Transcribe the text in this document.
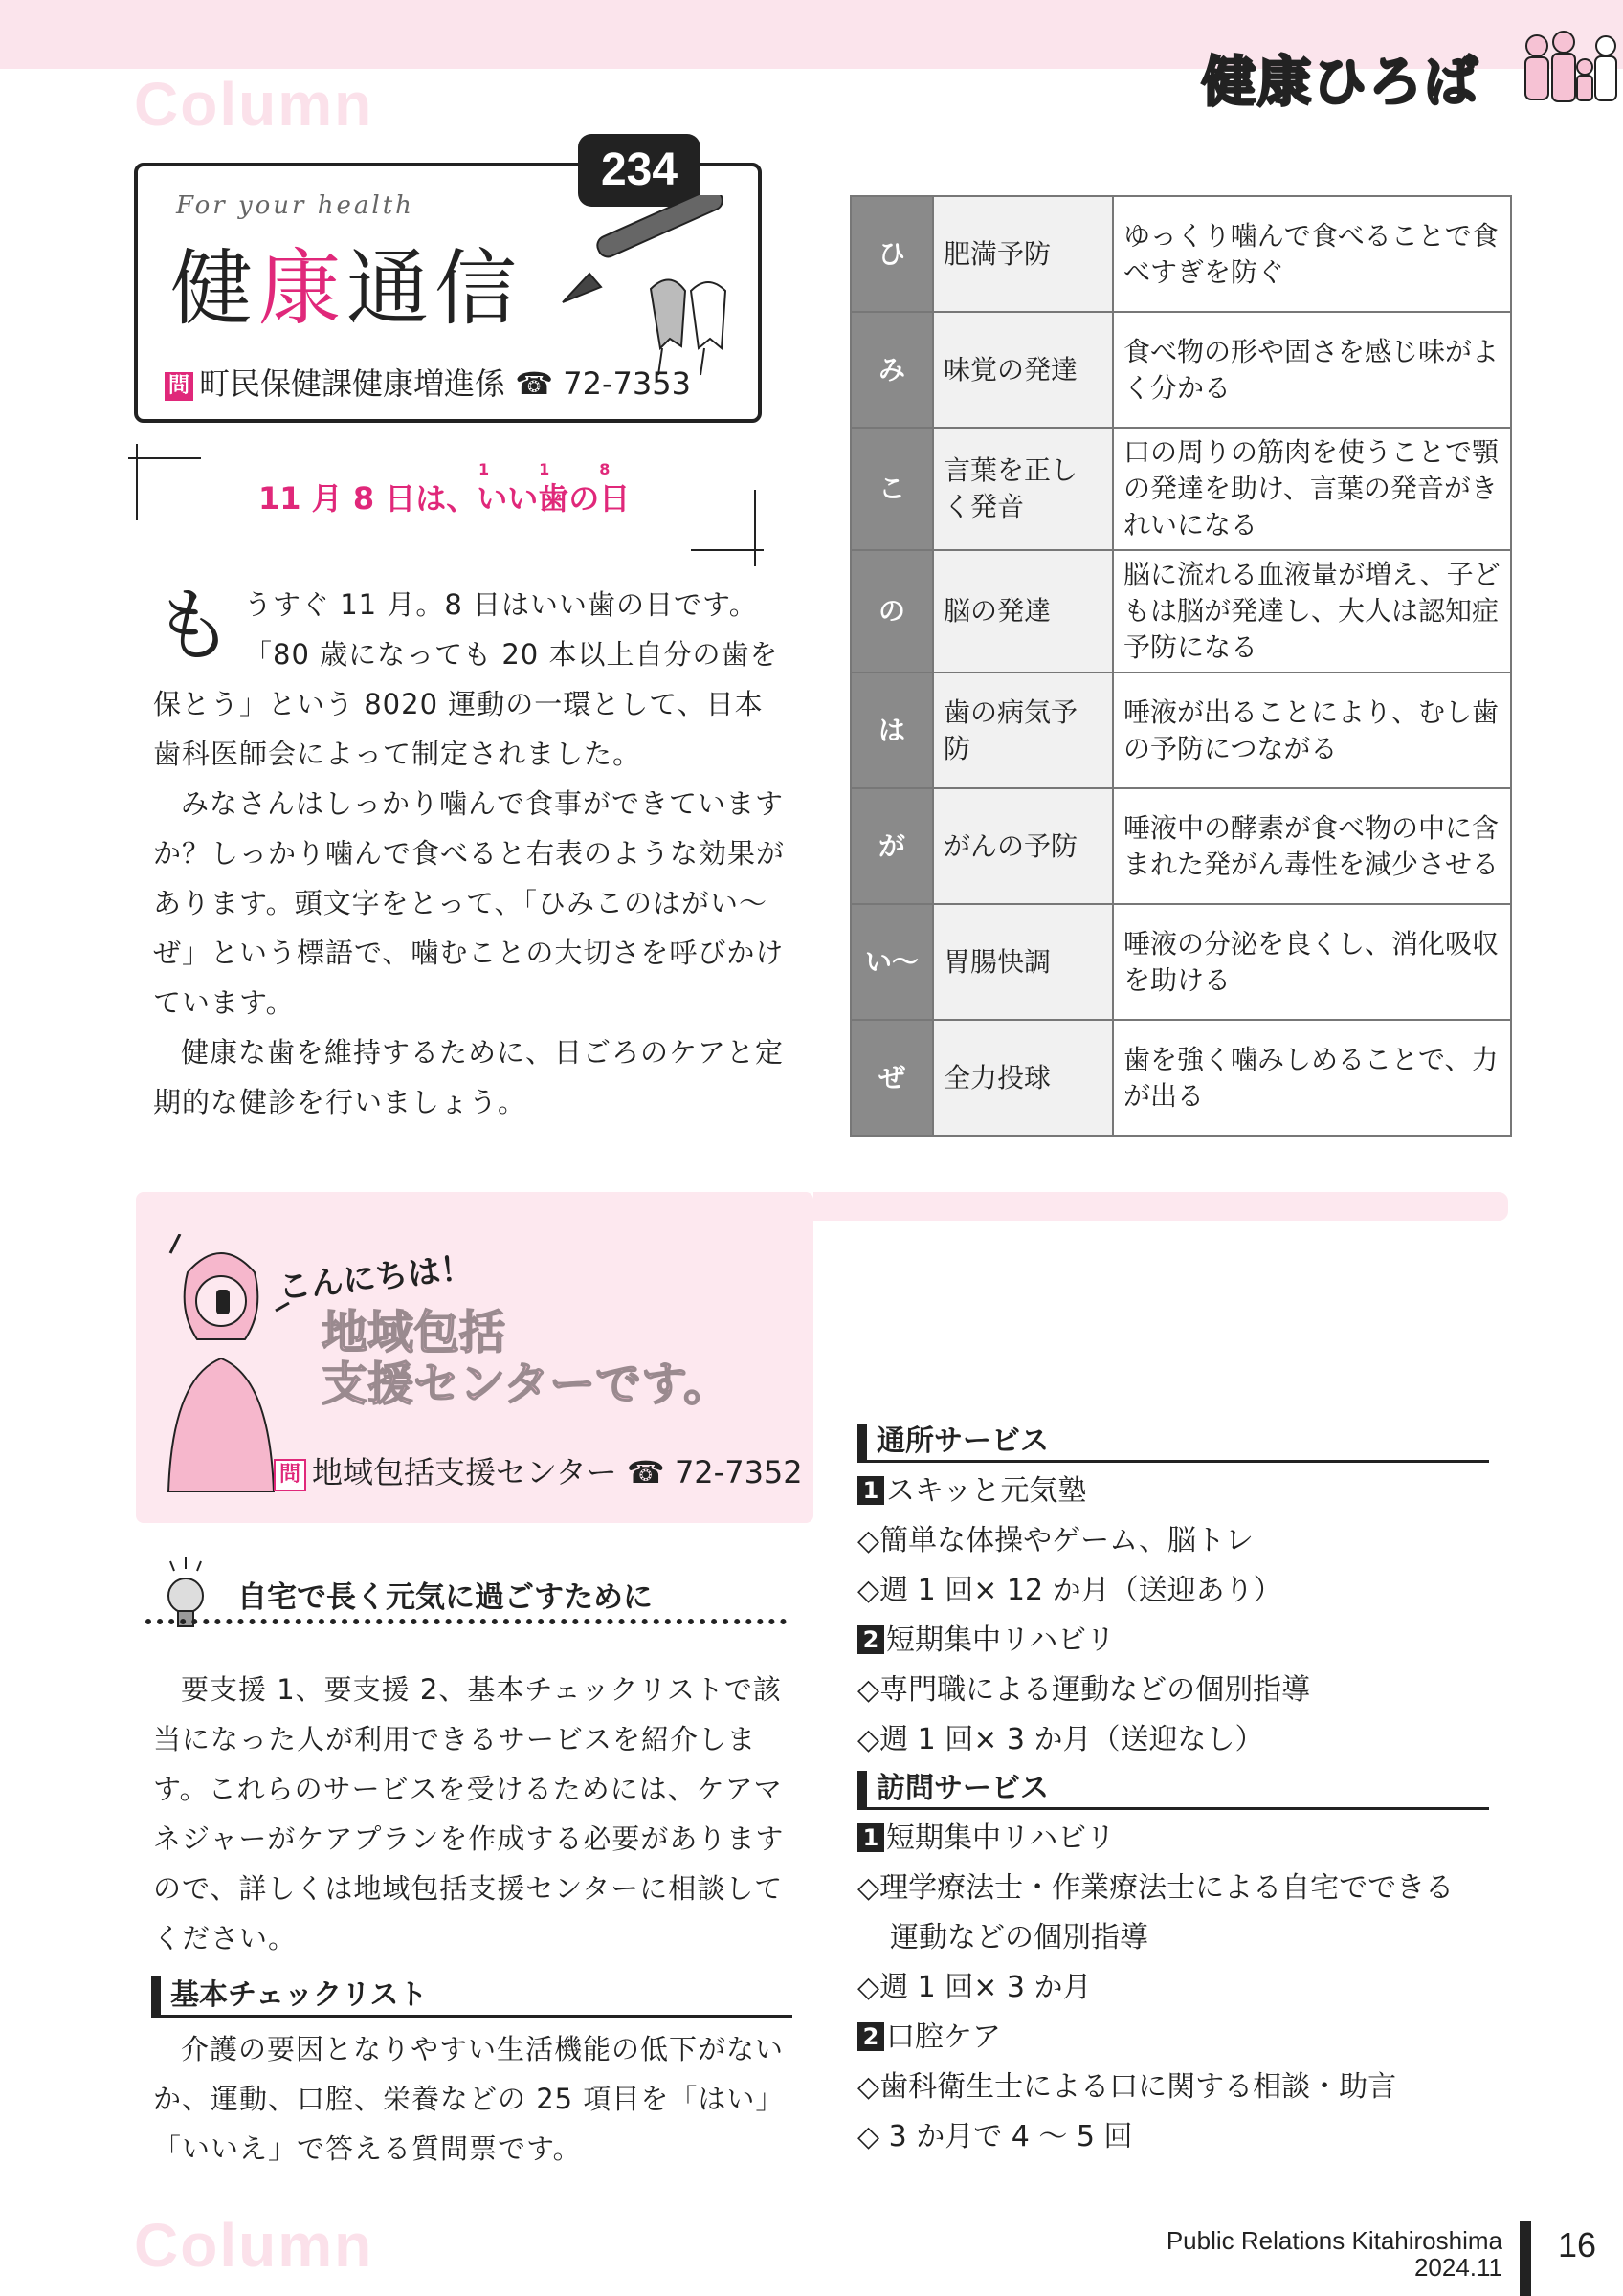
Column	健康ひろば
234
For your health
健康通信
問 町民保健課健康増進係 ☎ 72-7353
1　1　8
11 月 8 日は、いい歯の日
も うすぐ 11 月。8 日はいい歯の日です。「80 歳になっても 20 本以上自分の歯を保とう」という 8020 運動の一環として、日本歯科医師会によって制定されました。

みなさんはしっかり噛んで食事ができていますか？しっかり噛んで食べると右表のような効果があります。頭文字をとって、「ひみこのはがい〜ぜ」という標語で、噛むことの大切さを呼びかけています。

健康な歯を維持するために、日ごろのケアと定期的な健診を行いましょう。

ひ	肥満予防	ゆっくり噛んで食べることで食べすぎを防ぐ
み	味覚の発達	食べ物の形や固さを感じ味がよく分かる
こ	言葉を正しく発音	口の周りの筋肉を使うことで顎の発達を助け、言葉の発音がきれいになる
の	脳の発達	脳に流れる血液量が増え、子どもは脳が発達し、大人は認知症予防になる
は	歯の病気予防	唾液が出ることにより、むし歯の予防につながる
が	がんの予防	唾液中の酵素が食べ物の中に含まれた発がん毒性を減少させる
い〜	胃腸快調	唾液の分泌を良くし、消化吸収を助ける
ぜ	全力投球	歯を強く噛みしめることで、力が出る
こんにちは！
地域包括
支援センターです。
問 地域包括支援センター ☎ 72-7352
自宅で長く元気に過ごすために
要支援 1、要支援 2、基本チェックリストで該当になった人が利用できるサービスを紹介します。これらのサービスを受けるためには、ケアマネジャーがケアプランを作成する必要がありますので、詳しくは地域包括支援センターに相談してください。
基本チェックリスト
介護の要因となりやすい生活機能の低下がないか、運動、口腔、栄養などの 25 項目を「はい」「いいえ」で答える質問票です。
通所サービス
1 スキッと元気塾
◇簡単な体操やゲーム、脳トレ
◇週 1 回× 12 か月（送迎あり）
2 短期集中リハビリ
◇専門職による運動などの個別指導
◇週 1 回× 3 か月（送迎なし）
訪問サービス
1 短期集中リハビリ
◇理学療法士・作業療法士による自宅でできる
運動などの個別指導
◇週 1 回× 3 か月
2 口腔ケア
◇歯科衛生士による口に関する相談・助言
◇ 3 か月で 4 〜 5 回
Column	Public Relations Kitahiroshima
2024.11
16
